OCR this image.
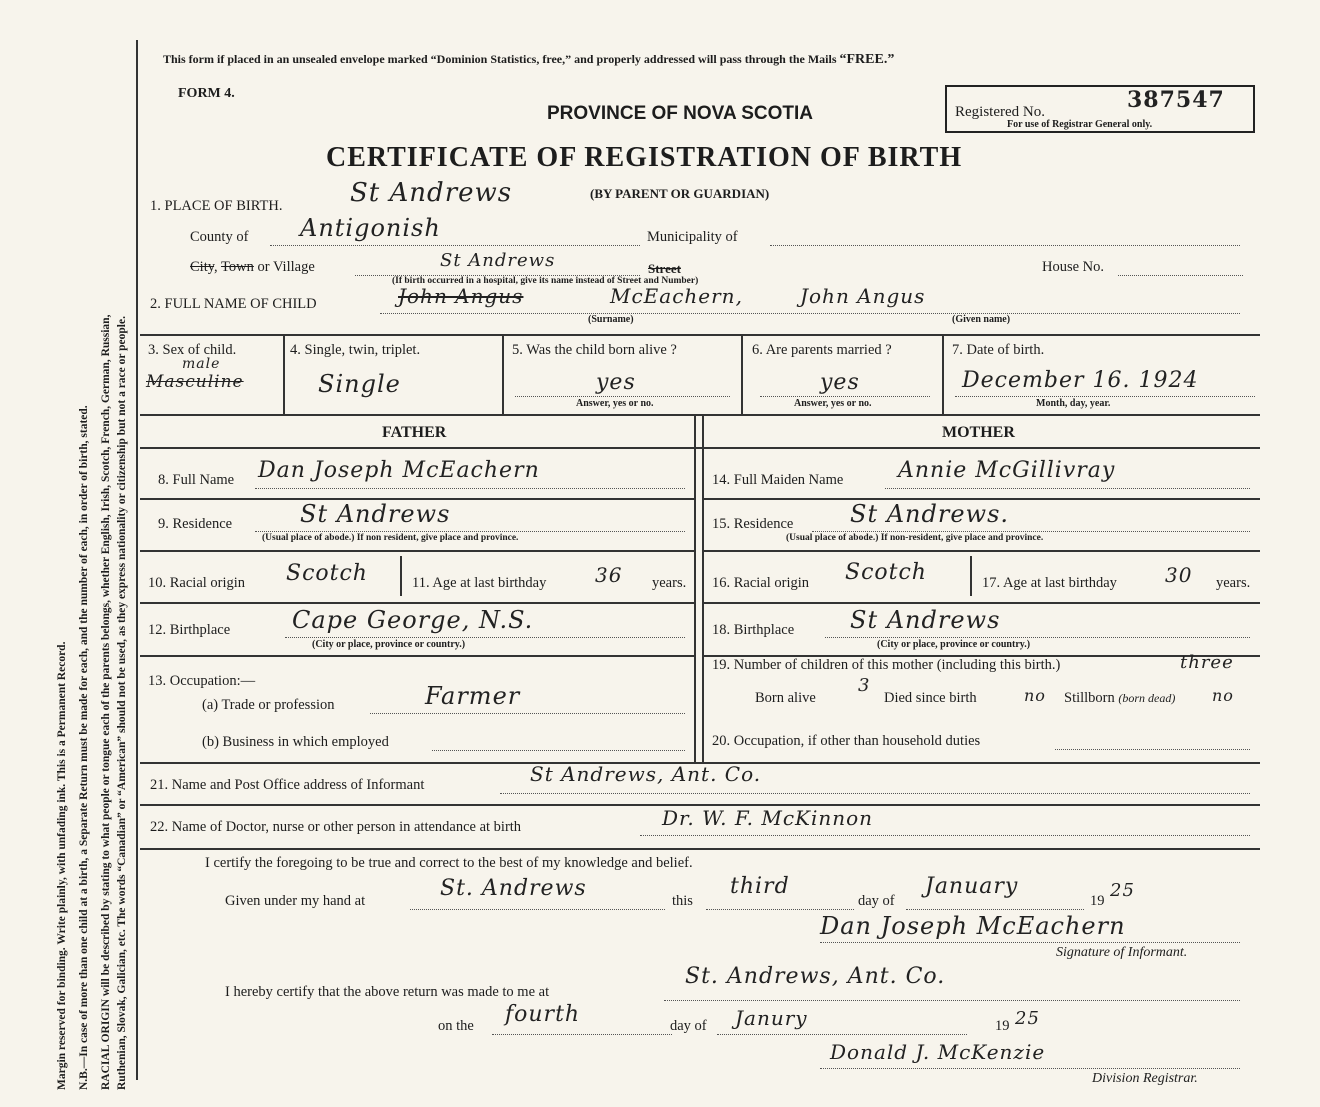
Margin reserved for binding. Write plainly, with unfading ink. This is a Permanent Record. N.B.—In case of more than one child at a birth, a Separate Return must be made for each, and the number of each, in order of birth, stated. RACIAL ORIGIN will be described by stating to what people or tongue each of the parents belongs, whether English, Irish, Scotch, French, German, Russian, Ruthenian, Slovak, Galician, etc. The words “Canadian” or “American” should not be used, as they express nationality or citizenship but not a race or people.
This form if placed in an unsealed envelope marked “Dominion Statistics, free,” and properly addressed will pass through the Mails “FREE.”
FORM 4.
PROVINCE OF NOVA SCOTIA	Registered No.	387547
For use of Registrar General only.
CERTIFICATE OF REGISTRATION OF BIRTH
1. PLACE OF BIRTH.	St Andrews	(BY PARENT OR GUARDIAN)
County of Antigonish	Municipality of
City, Town or Village	St Andrews	Street
(If birth occurred in a hospital, give its name instead of Street and Number)
House No.
2. FULL NAME OF CHILD	John Angus	McEachern,	John Angus
(Surname)	(Given name)
3. Sex of child.
male
Masculine
4. Single, twin, triplet.
Single
5. Was the child born alive ?
yes
Answer, yes or no.
6. Are parents married ?
yes
Answer, yes or no.
7. Date of birth.
December 16. 1924
Month, day, year.
FATHER	MOTHER
8. Full Name Dan Joseph McEachern
9. Residence	St Andrews
(Usual place of abode.) If non resident, give place and province.
10. Racial origin Scotch	11. Age at last birthday 36 years.
12. Birthplace	Cape George, N.S.
(City or place, province or country.)
13. Occupation:—
(a) Trade or profession	Farmer
(b) Business in which employed
14. Full Maiden Name Annie McGillivray
15. Residence St Andrews.
(Usual place of abode.) If non-resident, give place and province.
16. Racial origin Scotch	17. Age at last birthday 30 years.
18. Birthplace St Andrews
(City or place, province or country.)
19. Number of children of this mother (including this birth.)	three
Born alive
3
Died since birth	no Stillborn (born dead) no
20. Occupation, if other than household duties
21. Name and Post Office address of Informant	St Andrews, Ant. Co.
22. Name of Doctor, nurse or other person in attendance at birth	Dr. W. F. McKinnon
I certify the foregoing to be true and correct to the best of my knowledge and belief.
Given under my hand at	St. Andrews	this
third
day of
January
19 25
Dan Joseph McEachern
Signature of Informant.
I hereby certify that the above return was made to me at
St. Andrews, Ant. Co.
on the fourth	day of Janury	19 25
Donald J. McKenzie
Division Registrar.
